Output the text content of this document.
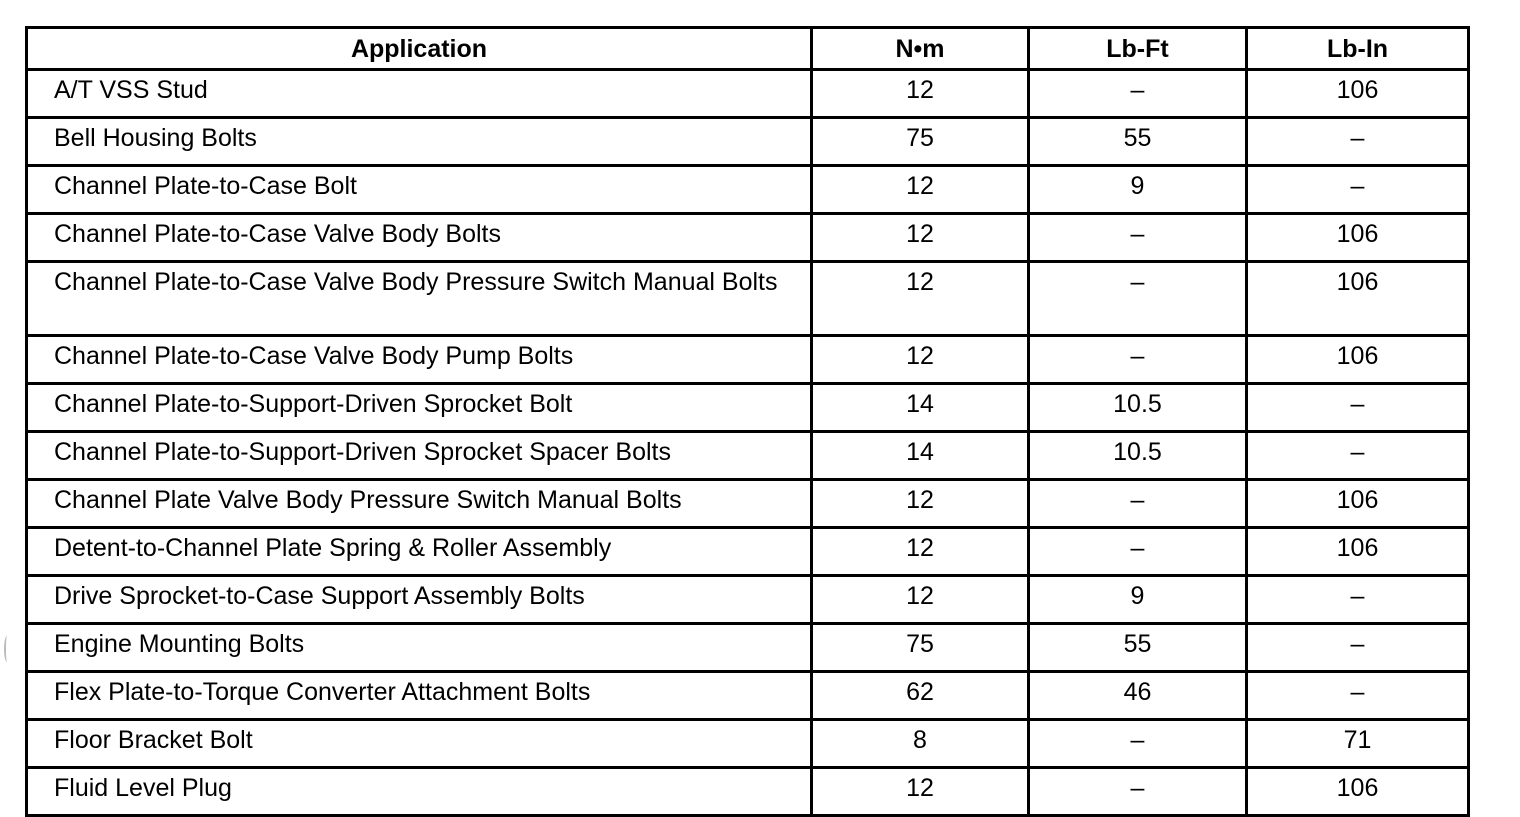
Application	N•m	Lb-Ft	Lb-In
A/T VSS Stud	12	–	106
Bell Housing Bolts	75	55	–
Channel Plate-to-Case Bolt	12	9	–
Channel Plate-to-Case Valve Body Bolts	12	–	106
Channel Plate-to-Case Valve Body Pressure Switch Manual Bolts	12	–	106
Channel Plate-to-Case Valve Body Pump Bolts	12	–	106
Channel Plate-to-Support-Driven Sprocket Bolt	14	10.5	–
Channel Plate-to-Support-Driven Sprocket Spacer Bolts	14	10.5	–
Channel Plate Valve Body Pressure Switch Manual Bolts	12	–	106
Detent-to-Channel Plate Spring & Roller Assembly	12	–	106
Drive Sprocket-to-Case Support Assembly Bolts	12	9	–
Engine Mounting Bolts	75	55	–
Flex Plate-to-Torque Converter Attachment Bolts	62	46	–
Floor Bracket Bolt	8	–	71
Fluid Level Plug	12	–	106
